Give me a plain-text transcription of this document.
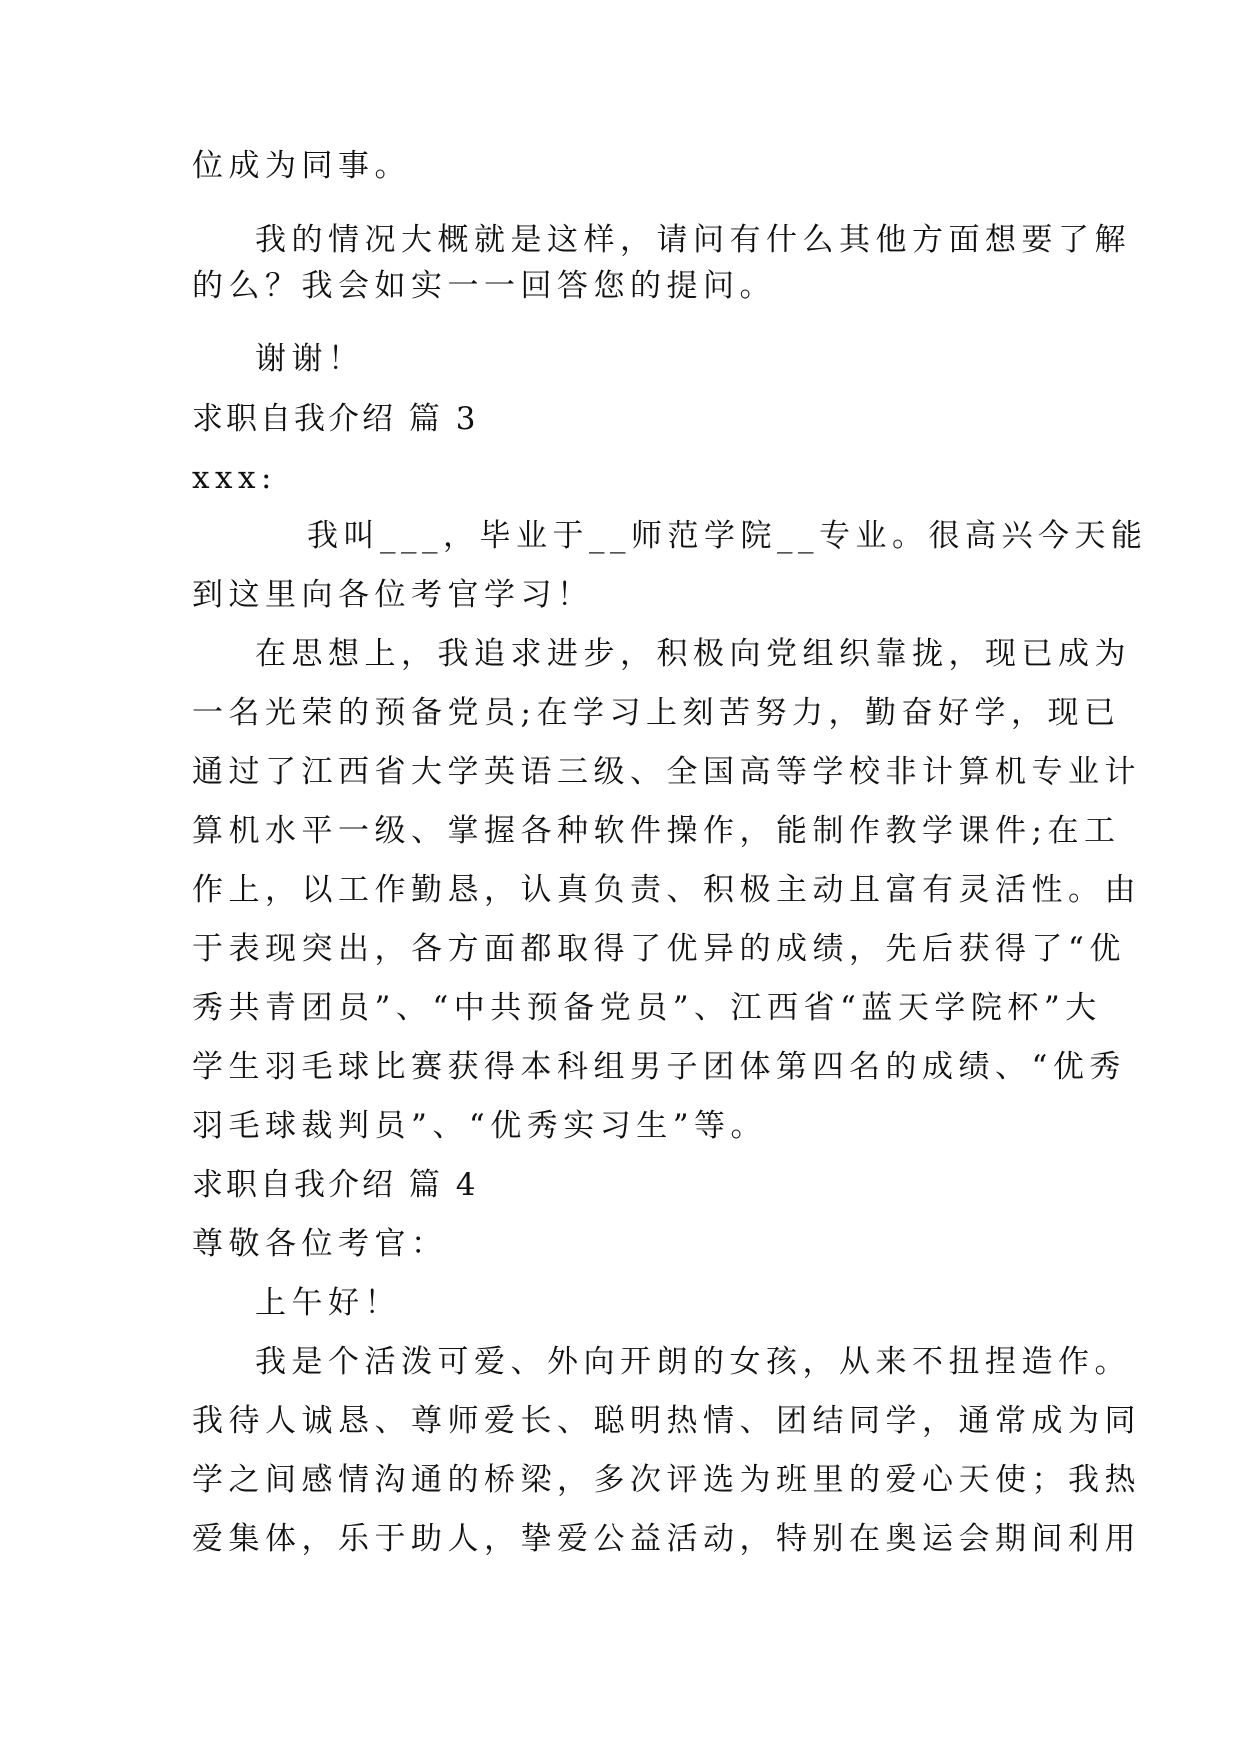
位成为同事。
我的情况大概就是这样，请问有什么其他方面想要了解
的么？我会如实一一回答您的提问。
谢谢！
求职自我介绍 篇 3
xxx:
我叫___，毕业于__师范学院__专业。很高兴今天能
到这里向各位考官学习！
在思想上，我追求进步，积极向党组织靠拢，现已成为
一名光荣的预备党员;在学习上刻苦努力，勤奋好学，现已
通过了江西省大学英语三级、全国高等学校非计算机专业计
算机水平一级、掌握各种软件操作，能制作教学课件;在工
作上，以工作勤恳，认真负责、积极主动且富有灵活性。由
于表现突出，各方面都取得了优异的成绩，先后获得了“优
秀共青团员”、“中共预备党员”、江西省“蓝天学院杯”大
学生羽毛球比赛获得本科组男子团体第四名的成绩、“优秀
羽毛球裁判员”、“优秀实习生”等。
求职自我介绍 篇 4
尊敬各位考官：
上午好！
我是个活泼可爱、外向开朗的女孩，从来不扭捏造作。
我待人诚恳、尊师爱长、聪明热情、团结同学，通常成为同
学之间感情沟通的桥梁，多次评选为班里的爱心天使；我热
爱集体，乐于助人，挚爱公益活动，特别在奥运会期间利用
